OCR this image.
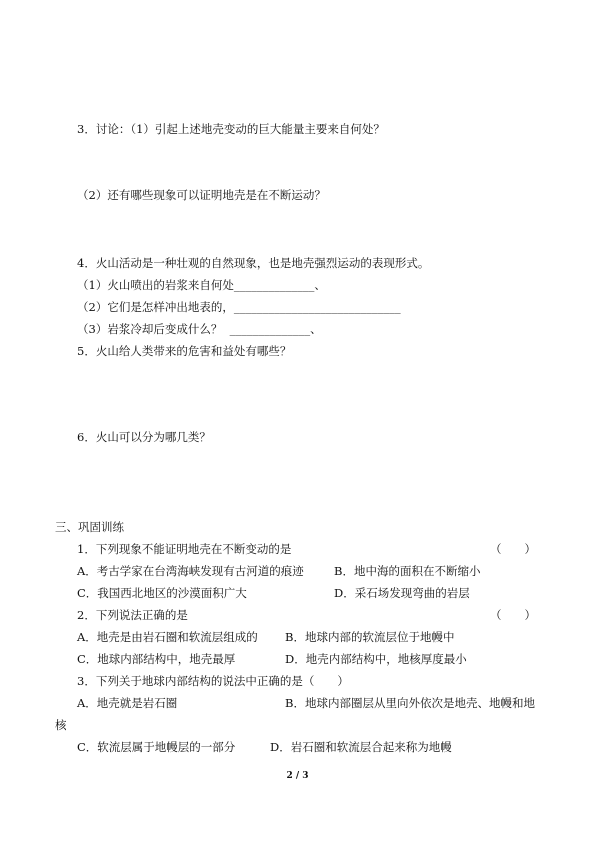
3．讨论：（1）引起上述地壳变动的巨大能量主要来自何处？
（2）还有哪些现象可以证明地壳是在不断运动？
4．火山活动是一种壮观的自然现象，也是地壳强烈运动的表现形式。
（1）火山喷出的岩浆来自何处______________、
（2）它们是怎样冲出地表的，_____________________________
（3）岩浆冷却后变成什么？  ______________、
5．火山给人类带来的危害和益处有哪些？
6．火山可以分为哪几类？
三、巩固训练
1．下列现象不能证明地壳在不断变动的是	（　　）
A．考古学家在台湾海峡发现有古河道的痕迹	B．地中海的面积在不断缩小
C．我国西北地区的沙漠面积广大	D．采石场发现弯曲的岩层
2．下列说法正确的是	（　　）
A．地壳是由岩石圈和软流层组成的 B．地球内部的软流层位于地幔中
C．地球内部结构中，地壳最厚	D．地壳内部结构中，地核厚度最小
3．下列关于地球内部结构的说法中正确的是（　　）
A．地壳就是岩石圈	B．地球内部圈层从里向外依次是地壳、地幔和地
核
C．软流层属于地幔层的一部分	D．岩石圈和软流层合起来称为地幔
2 / 3
